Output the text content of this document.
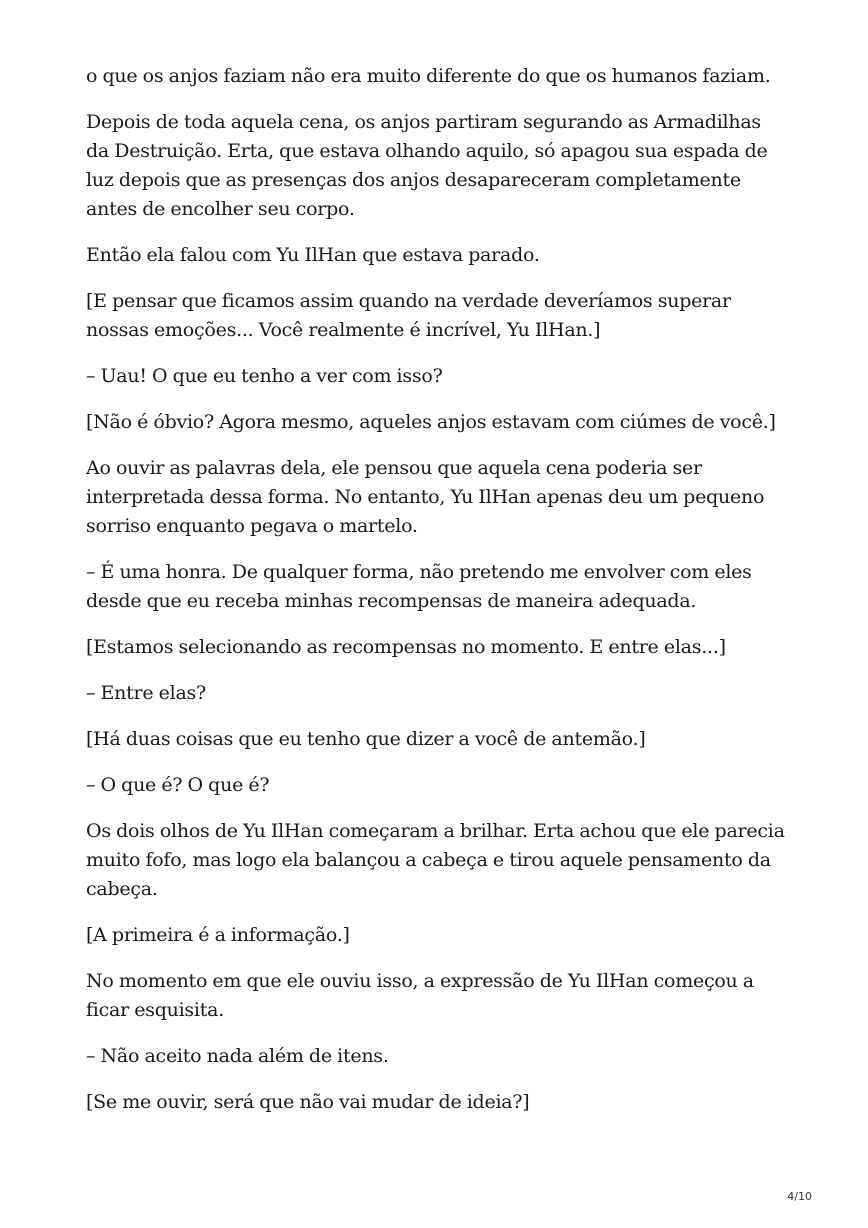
o que os anjos faziam não era muito diferente do que os humanos faziam.

Depois de toda aquela cena, os anjos partiram segurando as Armadilhas da Destruição. Erta, que estava olhando aquilo, só apagou sua espada de luz depois que as presenças dos anjos desapareceram completamente antes de encolher seu corpo.

Então ela falou com Yu IlHan que estava parado.

[E pensar que ficamos assim quando na verdade deveríamos superar nossas emoções... Você realmente é incrível, Yu IlHan.]

– Uau! O que eu tenho a ver com isso?

[Não é óbvio? Agora mesmo, aqueles anjos estavam com ciúmes de você.]

Ao ouvir as palavras dela, ele pensou que aquela cena poderia ser interpretada dessa forma. No entanto, Yu IlHan apenas deu um pequeno sorriso enquanto pegava o martelo.

– É uma honra. De qualquer forma, não pretendo me envolver com eles desde que eu receba minhas recompensas de maneira adequada.

[Estamos selecionando as recompensas no momento. E entre elas...]

– Entre elas?

[Há duas coisas que eu tenho que dizer a você de antemão.]

– O que é? O que é?

Os dois olhos de Yu IlHan começaram a brilhar. Erta achou que ele parecia muito fofo, mas logo ela balançou a cabeça e tirou aquele pensamento da cabeça.

[A primeira é a informação.]

No momento em que ele ouviu isso, a expressão de Yu IlHan começou a ficar esquisita.

– Não aceito nada além de itens.

[Se me ouvir, será que não vai mudar de ideia?]

4/10
